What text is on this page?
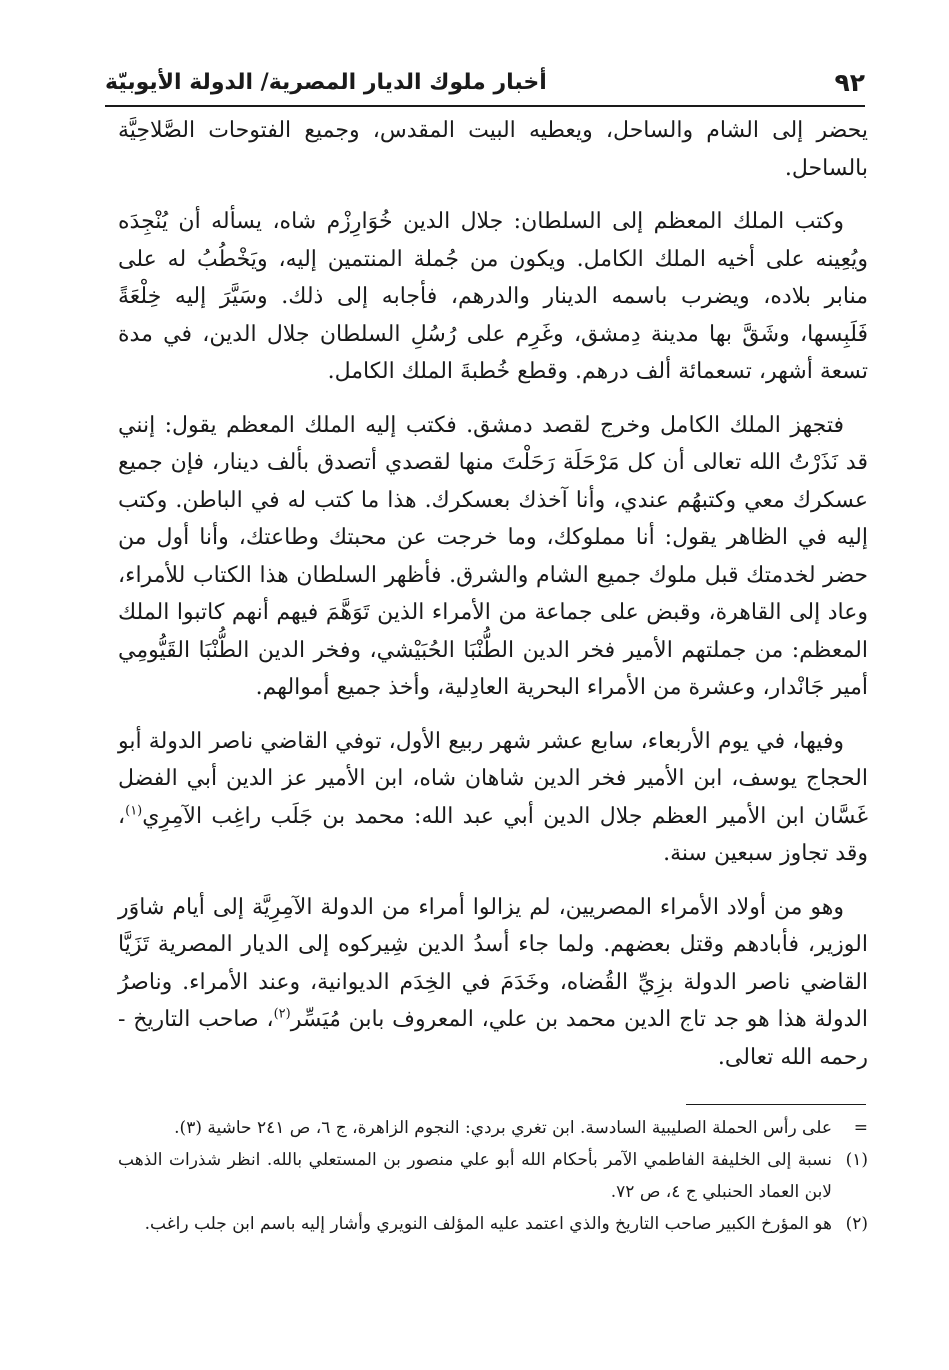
٩٢
أخبار ملوك الديار المصرية/ الدولة الأيوبيّة

يحضر إلى الشام والساحل، ويعطيه البيت المقدس، وجميع الفتوحات الصَّلاحِيَّة بالساحل.

وكتب الملك المعظم إلى السلطان: جلال الدين خُوَارِزْم شاه، يسأله أن يُنْجِدَه ويُعِينه على أخيه الملك الكامل. ويكون من جُملة المنتمين إليه، ويَخْطُبُ له على منابر بلاده، ويضرب باسمه الدينار والدرهم، فأجابه إلى ذلك. وسَيَّرَ إليه خِلْعَةً فَلَبِسها، وشَقَّ بها مدينة دِمشق، وغَرِم على رُسُلِ السلطان جلال الدين، في مدة تسعة أشهر، تسعمائة ألف درهم. وقطع خُطبةَ الملك الكامل.

فتجهز الملك الكامل وخرج لقصد دمشق. فكتب إليه الملك المعظم يقول: إنني قد نَذَرْتُ الله تعالى أن كل مَرْحَلَة رَحَلْتَ منها لقصدي أتصدق بألف دينار، فإن جميع عسكرك معي وكتبهُم عندي، وأنا آخذك بعسكرك. هذا ما كتب له في الباطن. وكتب إليه في الظاهر يقول: أنا مملوكك، وما خرجت عن محبتك وطاعتك، وأنا أول من حضر لخدمتك قبل ملوك جميع الشام والشرق. فأظهر السلطان هذا الكتاب للأمراء، وعاد إلى القاهرة، وقبض على جماعة من الأمراء الذين تَوَهَّمَ فيهم أنهم كاتبوا الملك المعظم: من جملتهم الأمير فخر الدين الطُّنْبَا الحُبَيْشي، وفخر الدين الطُّنْبَا القَيُّومِي أمير جَانْدار، وعشرة من الأمراء البحرية العادِلية، وأخذ جميع أموالهم.

وفيها، في يوم الأربعاء، سابع عشر شهر ربيع الأول، توفي القاضي ناصر الدولة أبو الحجاج يوسف، ابن الأمير فخر الدين شاهان شاه، ابن الأمير عز الدين أبي الفضل غَسَّان ابن الأمير العظم جلال الدين أبي عبد الله: محمد بن جَلَب راغِب الآمِرِي$^{(١)}$، وقد تجاوز سبعين سنة.

وهو من أولاد الأمراء المصريين، لم يزالوا أمراء من الدولة الآمِرِيَّة إلى أيام شاوَر الوزير، فأبادهم وقتل بعضهم. ولما جاء أسدُ الدين شِيركوه إلى الديار المصرية تَزَيَّا القاضي ناصر الدولة بزِيِّ القُضاه، وخَدَمَ في الخِدَم الديوانية، وعند الأمراء. وناصرُ الدولة هذا هو جد تاج الدين محمد بن علي، المعروف بابن مُيَسِّر$^{(٢)}$، صاحب التاريخ - رحمه الله تعالى.

=
على رأس الحملة الصليبية السادسة. ابن تغري بردي: النجوم الزاهرة، ج ٦، ص ٢٤١ حاشية (٣).
(١)
نسبة إلى الخليفة الفاطمي الآمر بأحكام الله أبو علي منصور بن المستعلي بالله. انظر شذرات الذهب لابن العماد الحنبلي ج ٤، ص ٧٢.
(٢)
هو المؤرخ الكبير صاحب التاريخ والذي اعتمد عليه المؤلف النويري وأشار إليه باسم ابن جلب راغب.
